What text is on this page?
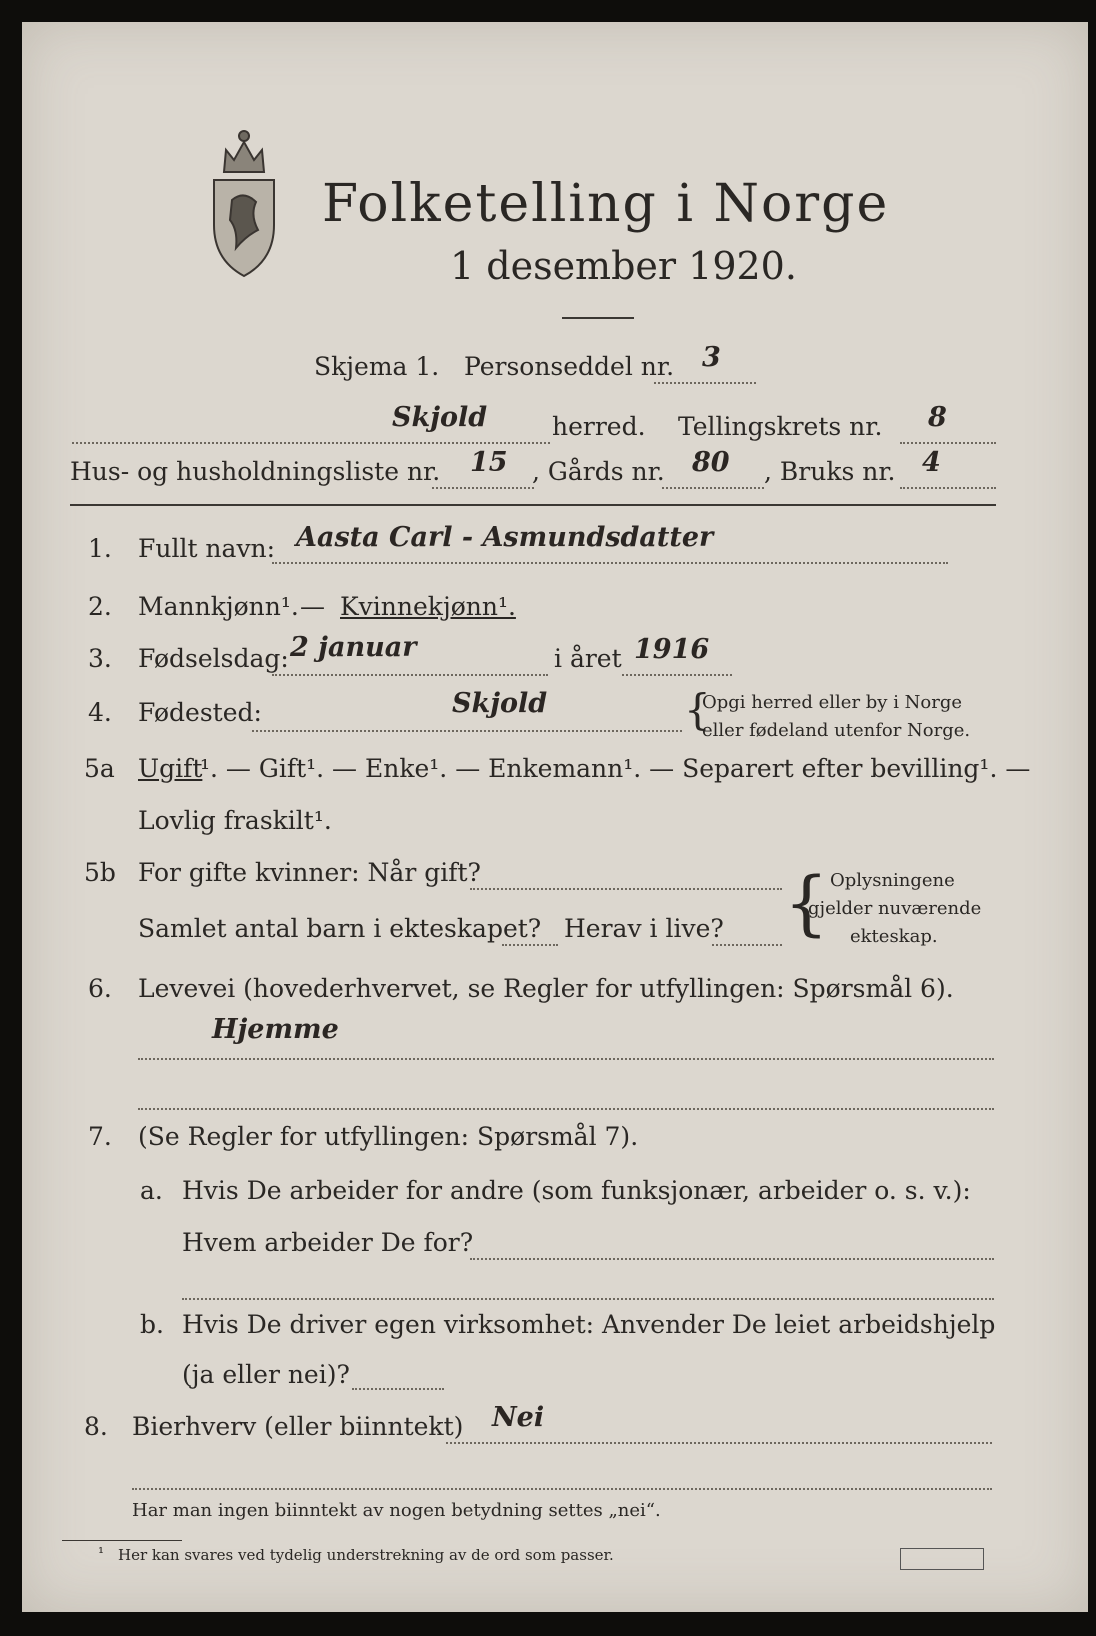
Folketelling i Norge
1 desember 1920.
Skjema 1. Personseddel nr. 3
Skjold	herred. Tellingskrets nr. 8
Hus- og husholdningsliste nr. 15 , Gårds nr. 80 , Bruks nr. 4
1. Fullt navn: Aasta Carl - Asmundsdatter
2. Mannkjønn¹. — Kvinnekjønn¹.
3. Fødselsdag: 2 januar	i året 1916
4. Fødested:	Skjold	{
Opgi herred eller by i Norge
eller fødeland utenfor Norge.
5a Ugift
¹. — Gift¹. — Enke¹. — Enkemann¹. — Separert efter bevilling¹. —
Lovlig fraskilt¹.
5b For gifte kvinner: Når gift?
Samlet antal barn i ekteskapet? Herav i live? { Oplysningene
gjelder nuværende
ekteskap.
6. Levevei (hovederhvervet, se Regler for utfyllingen: Spørsmål 6).
Hjemme
7. (Se Regler for utfyllingen: Spørsmål 7).
a. Hvis De arbeider for andre (som funksjonær, arbeider o. s. v.):
Hvem arbeider De for?
b. Hvis De driver egen virksomhet: Anvender De leiet arbeidshjelp
(ja eller nei)?
8. Bierhverv (eller biinntekt) Nei
Har man ingen biinntekt av nogen betydning settes „nei“.
¹ Her kan svares ved tydelig understrekning av de ord som passer.
